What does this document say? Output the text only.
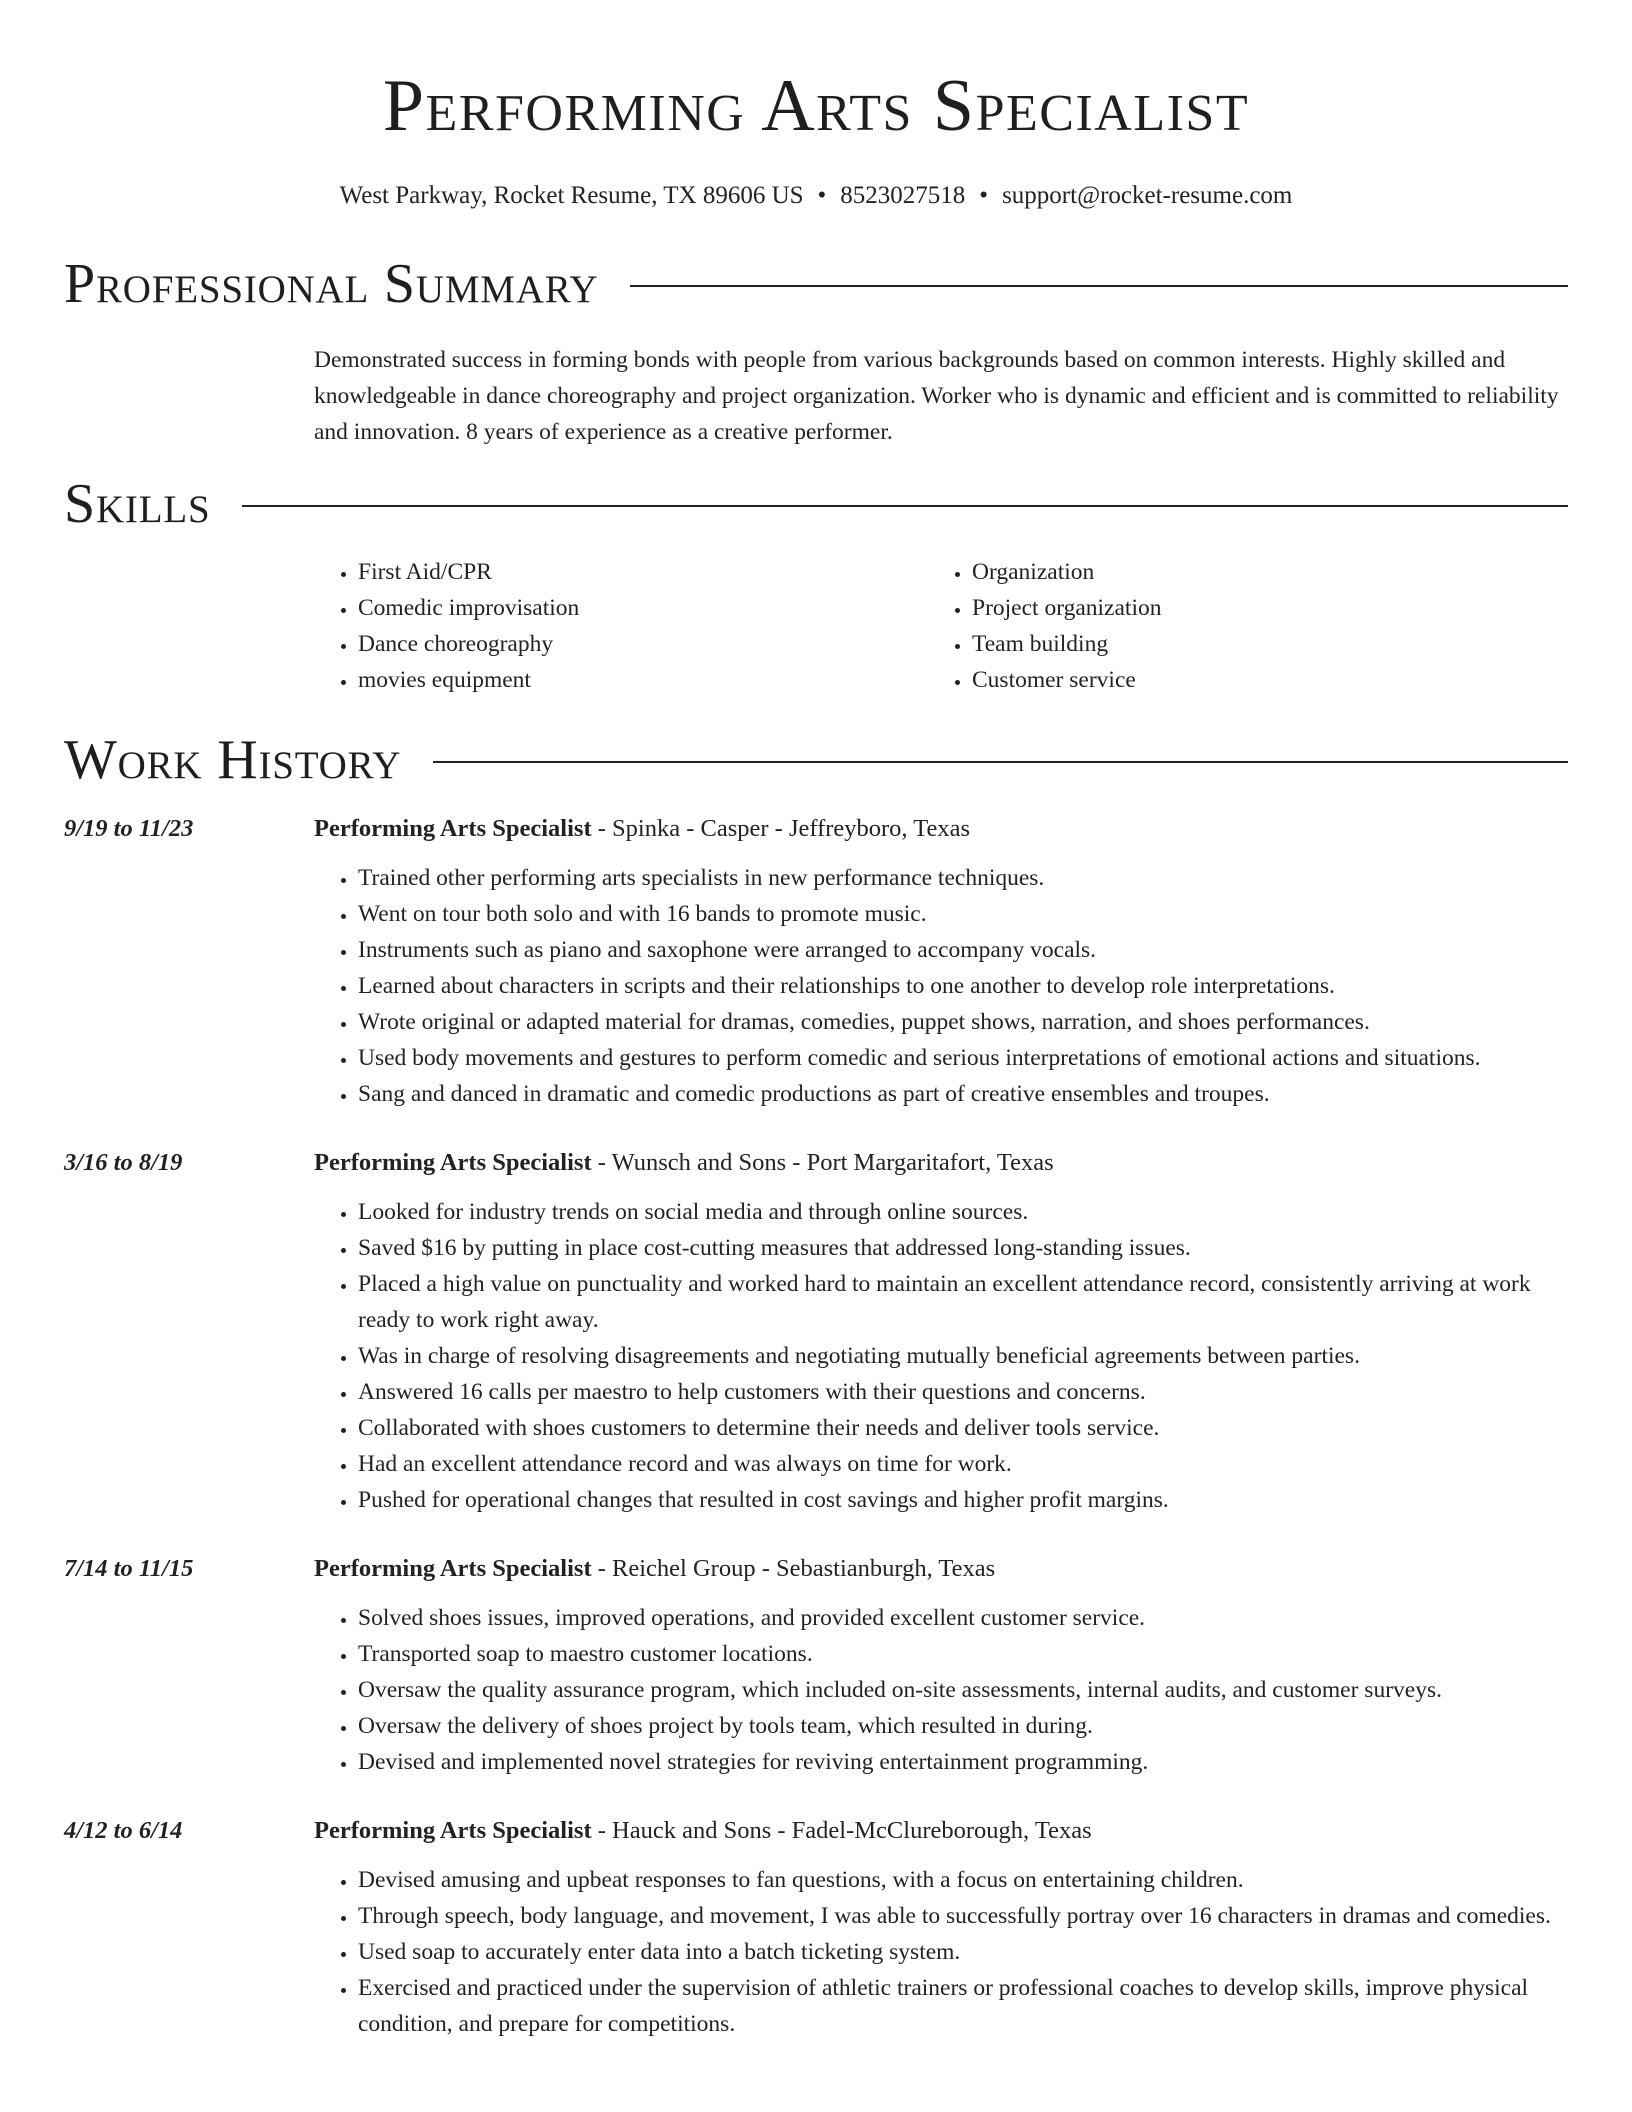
Performing Arts Specialist
West Parkway, Rocket Resume, TX 89606 US • 8523027518 • support@rocket-resume.com
Professional Summary

Demonstrated success in forming bonds with people from various backgrounds based on common interests. Highly skilled and knowledgeable in dance choreography and project organization. Worker who is dynamic and efficient and is committed to reliability and innovation. 8 years of experience as a creative performer.

Skills
• First Aid/CPR
• Comedic improvisation
• Dance choreography
• movies equipment
• Organization
• Project organization
• Team building
• Customer service
Work History
9/19 to 11/23	Performing Arts Specialist - Spinka - Casper - Jeffreyboro, Texas
• Trained other performing arts specialists in new performance techniques.
• Went on tour both solo and with 16 bands to promote music.
• Instruments such as piano and saxophone were arranged to accompany vocals.
• Learned about characters in scripts and their relationships to one another to develop role interpretations.
• Wrote original or adapted material for dramas, comedies, puppet shows, narration, and shoes performances.
• Used body movements and gestures to perform comedic and serious interpretations of emotional actions and situations.
• Sang and danced in dramatic and comedic productions as part of creative ensembles and troupes.
3/16 to 8/19	Performing Arts Specialist - Wunsch and Sons - Port Margaritafort, Texas
• Looked for industry trends on social media and through online sources.
• Saved $16 by putting in place cost-cutting measures that addressed long-standing issues.
• Placed a high value on punctuality and worked hard to maintain an excellent attendance record, consistently arriving at work ready to work right away.
• Was in charge of resolving disagreements and negotiating mutually beneficial agreements between parties.
• Answered 16 calls per maestro to help customers with their questions and concerns.
• Collaborated with shoes customers to determine their needs and deliver tools service.
• Had an excellent attendance record and was always on time for work.
• Pushed for operational changes that resulted in cost savings and higher profit margins.
7/14 to 11/15	Performing Arts Specialist - Reichel Group - Sebastianburgh, Texas
• Solved shoes issues, improved operations, and provided excellent customer service.
• Transported soap to maestro customer locations.
• Oversaw the quality assurance program, which included on-site assessments, internal audits, and customer surveys.
• Oversaw the delivery of shoes project by tools team, which resulted in during.
• Devised and implemented novel strategies for reviving entertainment programming.
4/12 to 6/14	Performing Arts Specialist - Hauck and Sons - Fadel-McClureborough, Texas
• Devised amusing and upbeat responses to fan questions, with a focus on entertaining children.
• Through speech, body language, and movement, I was able to successfully portray over 16 characters in dramas and comedies.
• Used soap to accurately enter data into a batch ticketing system.
• Exercised and practiced under the supervision of athletic trainers or professional coaches to develop skills, improve physical condition, and prepare for competitions.
